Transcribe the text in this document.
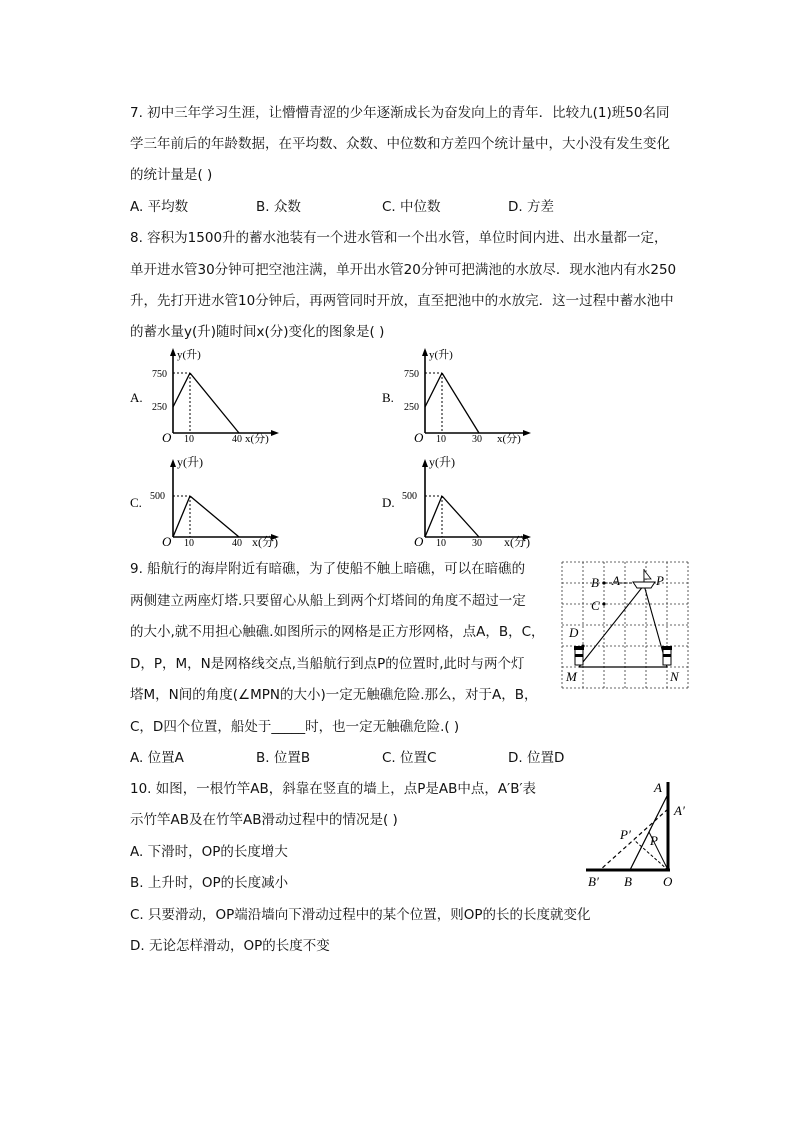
7. 初中三年学习生涯，让懵懵青涩的少年逐渐成长为奋发向上的青年．比较九(1)班50名同
学三年前后的年龄数据，在平均数、众数、中位数和方差四个统计量中，大小没有发生变化
的统计量是( )
A. 平均数	B. 众数	C. 中位数	D. 方差
8. 容积为1500升的蓄水池装有一个进水管和一个出水管，单位时间内进、出水量都一定，
单开进水管30分钟可把空池注满，单开出水管20分钟可把满池的水放尽．现水池内有水250
升，先打开进水管10分钟后，再两管同时开放，直至把池中的水放完．这一过程中蓄水池中
的蓄水量y(升)随时间x(分)变化的图象是( )
A.
y(升)
750
250
O 10	40 x(分)
B.
y(升)
750
250
O 10	30 x(分)
C.
y(升)
500
O 10	40 x(分)
D.
y(升)
500
O 10	30 x(分)
9. 船航行的海岸附近有暗礁，为了使船不触上暗礁，可以在暗礁的
两侧建立两座灯塔.只要留心从船上到两个灯塔间的角度不超过一定
的大小,就不用担心触礁.如图所示的网格是正方形网格，点A，B，C，
D，P，M，N是网格线交点,当船航行到点P的位置时,此时与两个灯
塔M，N间的角度(∠MPN的大小)一定无触礁危险.那么，对于A，B，
C，D四个位置，船处于_____时，也一定无触礁危险.( )
A. 位置A	B. 位置B	C. 位置C	D. 位置D
B A	P
C
D
M	N
10. 如图，一根竹竿AB，斜靠在竖直的墙上，点P是AB中点，A′B′表
示竹竿AB及在竹竿AB滑动过程中的情况是( )
A. 下滑时，OP的长度增大
B. 上升时，OP的长度减小
C. 只要滑动，OP端沿墙向下滑动过程中的某个位置，则OP的长的长度就变化
D. 无论怎样滑动，OP的长度不变
A
A′
P′ P
B′ B O
